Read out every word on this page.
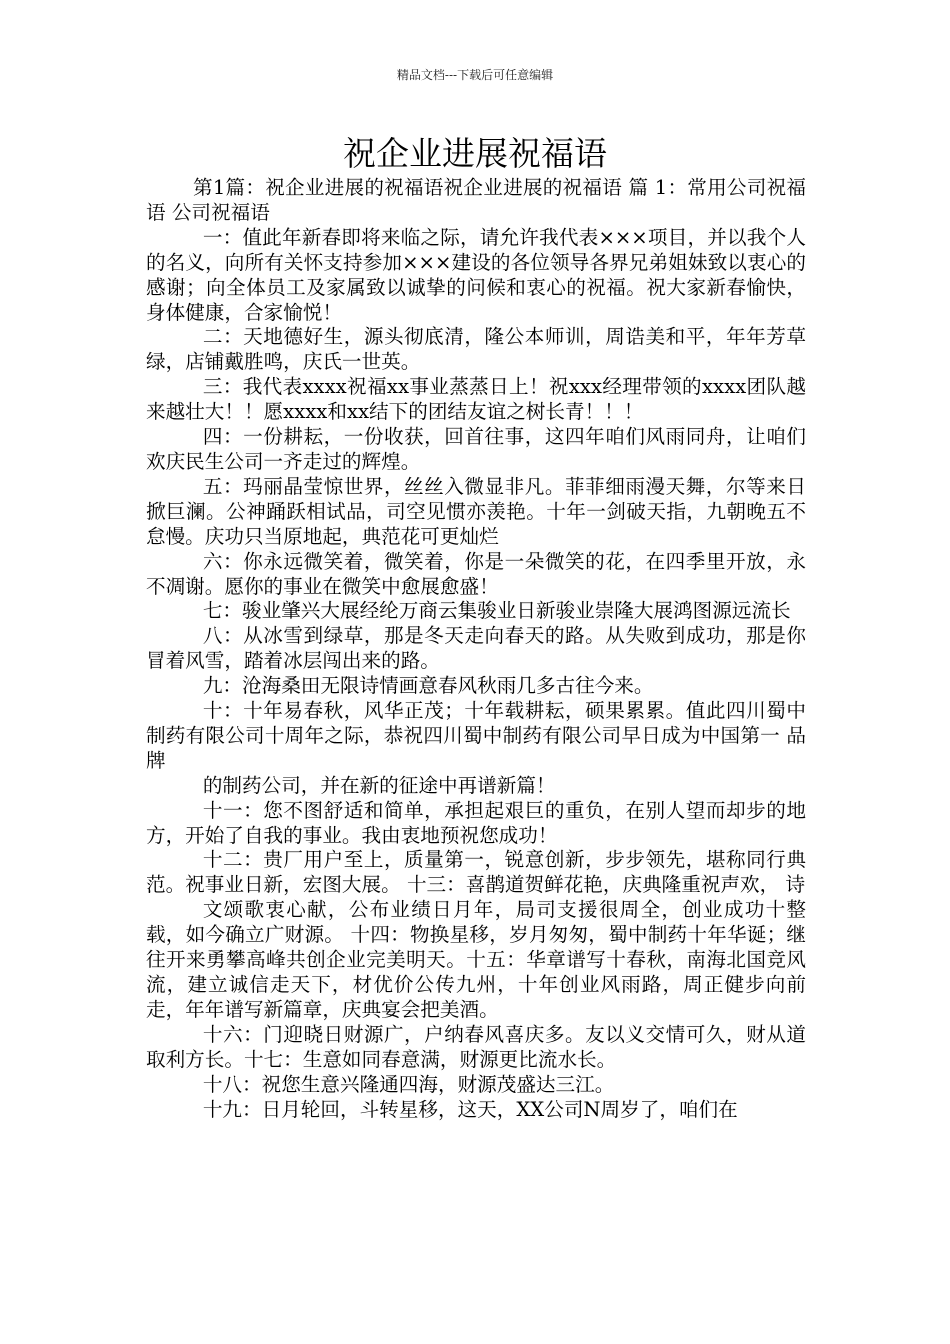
精品文档---下载后可任意编辑
祝企业进展祝福语

第1篇：祝企业进展的祝福语祝企业进展的祝福语 篇 1：常用公司祝福语 公司祝福语

一：值此年新春即将来临之际，请允许我代表×××项目，并以我个人的名义，向所有关怀支持参加×××建设的各位领导各界兄弟姐妹致以衷心的感谢；向全体员工及家属致以诚挚的问候和衷心的祝福。祝大家新春愉快，身体健康，合家愉悦！

二：天地德好生，源头彻底清，隆公本师训，周诰美和平，年年芳草绿，店铺戴胜鸣，庆氏一世英。

三：我代表xxxx祝福xx事业蒸蒸日上！祝xxx经理带领的xxxx团队越来越壮大！！愿xxxx和xx结下的团结友谊之树长青！！！

四：一份耕耘，一份收获，回首往事，这四年咱们风雨同舟，让咱们欢庆民生公司一齐走过的辉煌。

五：玛丽晶莹惊世界，丝丝入微显非凡。菲菲细雨漫天舞，尔等来日掀巨澜。公神踊跃相试品，司空见惯亦羡艳。十年一剑破天指，九朝晚五不怠慢。庆功只当原地起，典范花可更灿烂

六：你永远微笑着，微笑着，你是一朵微笑的花，在四季里开放，永不凋谢。愿你的事业在微笑中愈展愈盛！

七：骏业肇兴大展经纶万商云集骏业日新骏业崇隆大展鸿图源远流长

八：从冰雪到绿草，那是冬天走向春天的路。从失败到成功，那是你冒着风雪，踏着冰层闯出来的路。

九：沧海桑田无限诗情画意春风秋雨几多古往今来。

十：十年易春秋，风华正茂；十年载耕耘，硕果累累。值此四川蜀中制药有限公司十周年之际，恭祝四川蜀中制药有限公司早日成为中国第一 品牌

的制药公司，并在新的征途中再谱新篇！

十一：您不图舒适和简单，承担起艰巨的重负，在别人望而却步的地方，开始了自我的事业。我由衷地预祝您成功！

十二：贵厂用户至上，质量第一，锐意创新，步步领先，堪称同行典范。祝事业日新，宏图大展。 十三：喜鹊道贺鲜花艳，庆典隆重祝声欢， 诗

文颂歌衷心献，公布业绩日月年，局司支援很周全，创业成功十整载，如今确立广财源。 十四：物换星移，岁月匆匆，蜀中制药十年华诞；继往开来勇攀高峰共创企业完美明天。十五：华章谱写十春秋，南海北国竞风流，建立诚信走天下，材优价公传九州，十年创业风雨路，周正健步向前走，年年谱写新篇章，庆典宴会把美酒。

十六：门迎晓日财源广，户纳春风喜庆多。友以义交情可久，财从道取利方长。十七：生意如同春意满，财源更比流水长。

十八：祝您生意兴隆通四海，财源茂盛达三江。

十九：日月轮回，斗转星移，这天，XX公司N周岁了，咱们在
